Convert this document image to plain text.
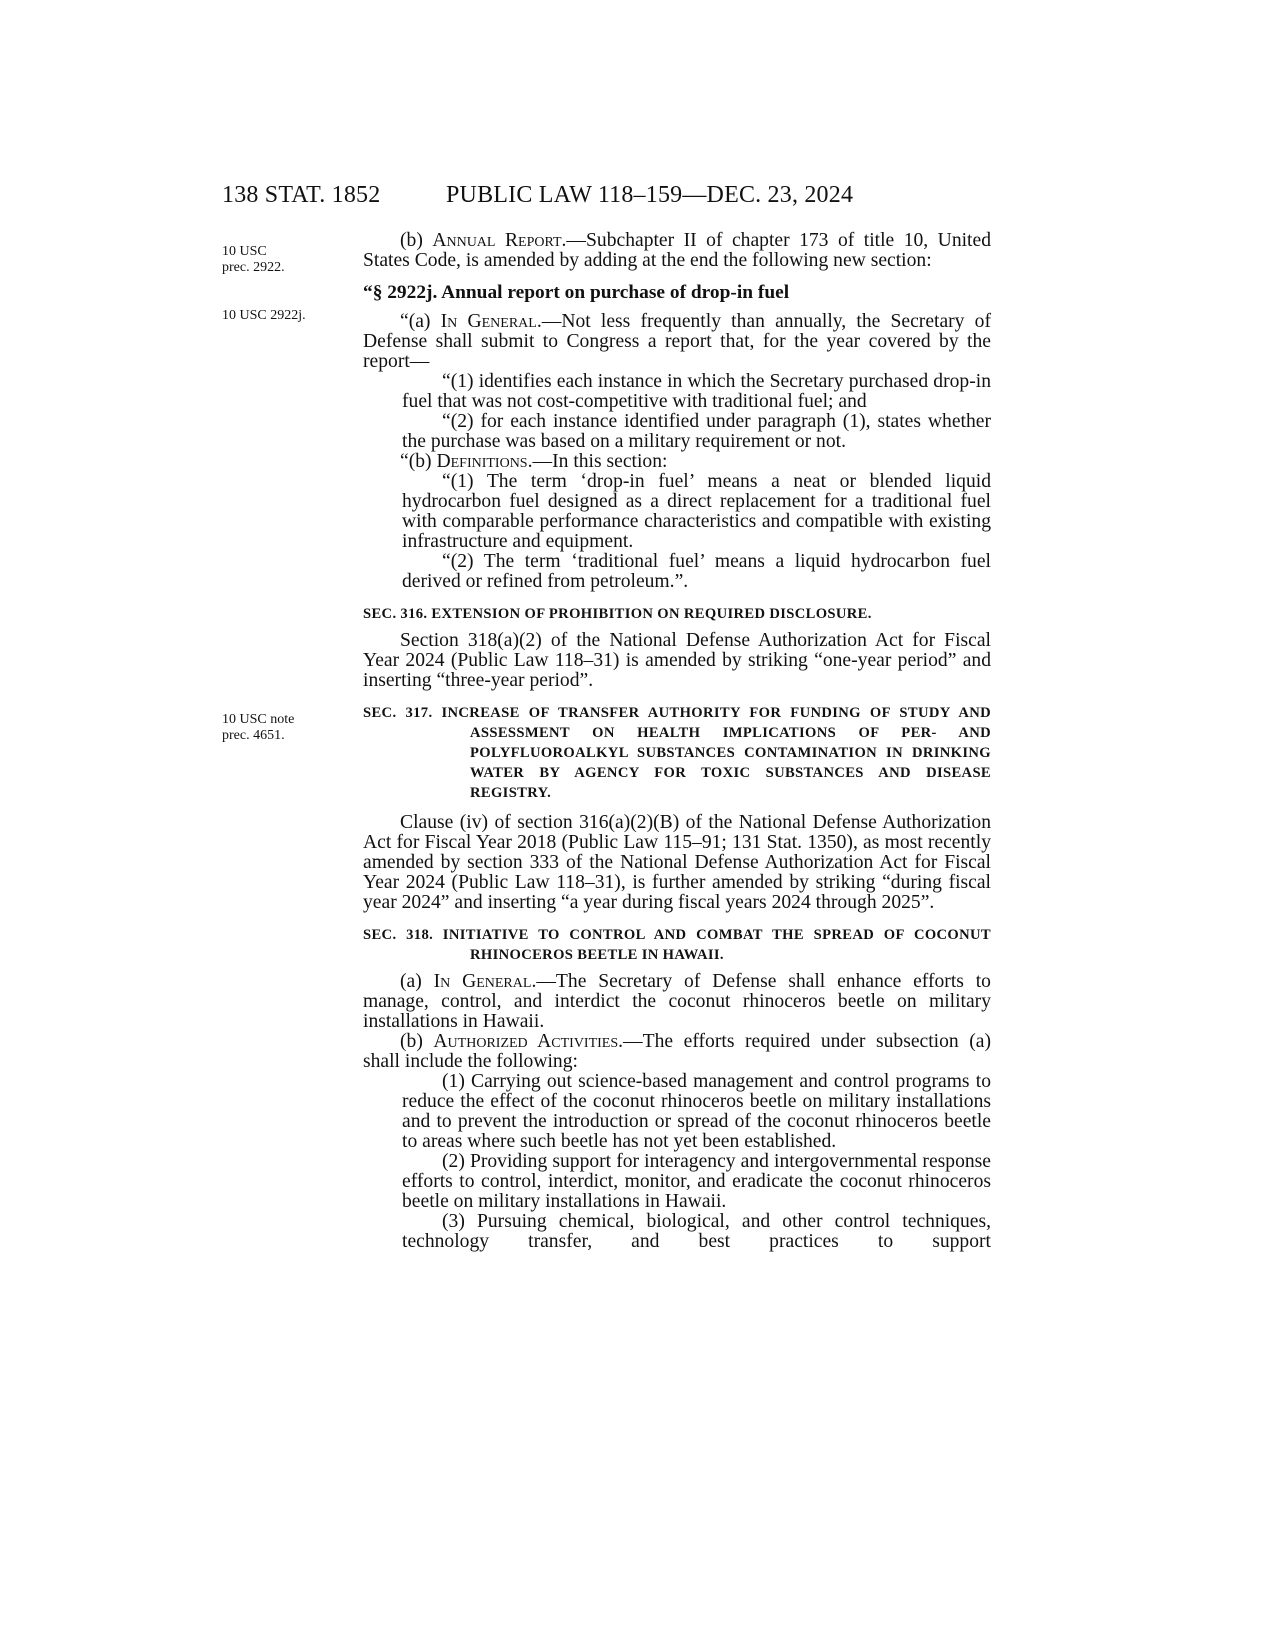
138 STAT. 1852	PUBLIC LAW 118–159—DEC. 23, 2024
10 USC
prec. 2922.
10 USC 2922j.
10 USC note
prec. 4651.

(b) Annual Report.—Subchapter II of chapter 173 of title 10, United States Code, is amended by adding at the end the following new section:

“§ 2922j. Annual report on purchase of drop-in fuel

“(a) In General.—Not less frequently than annually, the Secretary of Defense shall submit to Congress a report that, for the year covered by the report—

“(1) identifies each instance in which the Secretary purchased drop-in fuel that was not cost-competitive with traditional fuel; and

“(2) for each instance identified under paragraph (1), states whether the purchase was based on a military requirement or not.

“(b) Definitions.—In this section:

“(1) The term ‘drop-in fuel’ means a neat or blended liquid hydrocarbon fuel designed as a direct replacement for a traditional fuel with comparable performance characteristics and compatible with existing infrastructure and equipment.

“(2) The term ‘traditional fuel’ means a liquid hydrocarbon fuel derived or refined from petroleum.”.

SEC. 316. EXTENSION OF PROHIBITION ON REQUIRED DISCLOSURE.

Section 318(a)(2) of the National Defense Authorization Act for Fiscal Year 2024 (Public Law 118–31) is amended by striking “one-year period” and inserting “three-year period”.

SEC. 317. INCREASE OF TRANSFER AUTHORITY FOR FUNDING OF STUDY AND ASSESSMENT ON HEALTH IMPLICATIONS OF PER- AND POLYFLUOROALKYL SUBSTANCES CONTAMINATION IN DRINKING WATER BY AGENCY FOR TOXIC SUBSTANCES AND DISEASE REGISTRY.

Clause (iv) of section 316(a)(2)(B) of the National Defense Authorization Act for Fiscal Year 2018 (Public Law 115–91; 131 Stat. 1350), as most recently amended by section 333 of the National Defense Authorization Act for Fiscal Year 2024 (Public Law 118–31), is further amended by striking “during fiscal year 2024” and inserting “a year during fiscal years 2024 through 2025”.

SEC. 318. INITIATIVE TO CONTROL AND COMBAT THE SPREAD OF COCONUT RHINOCEROS BEETLE IN HAWAII.

(a) In General.—The Secretary of Defense shall enhance efforts to manage, control, and interdict the coconut rhinoceros beetle on military installations in Hawaii.

(b) Authorized Activities.—The efforts required under subsection (a) shall include the following:

(1) Carrying out science-based management and control programs to reduce the effect of the coconut rhinoceros beetle on military installations and to prevent the introduction or spread of the coconut rhinoceros beetle to areas where such beetle has not yet been established.

(2) Providing support for interagency and intergovernmental response efforts to control, interdict, monitor, and eradicate the coconut rhinoceros beetle on military installations in Hawaii.

(3) Pursuing chemical, biological, and other control techniques, technology transfer, and best practices to support
